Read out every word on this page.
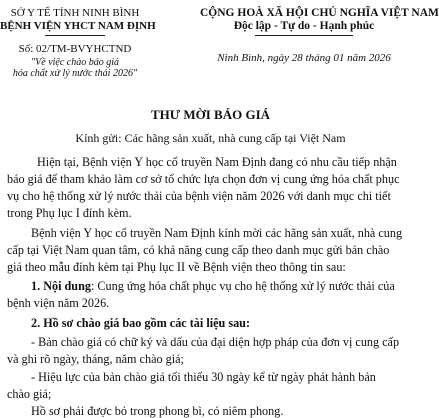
SỞ Y TẾ TỈNH NINH BÌNH
BỆNH VIỆN YHCT NAM ĐỊNH
Số: 02/TM-BVYHCTND
"Về việc chào báo giá
hóa chất xử lý nước thải 2026"
CỘNG HOÀ XÃ HỘI CHỦ NGHĨA VIỆT NAM
Độc lập - Tự do - Hạnh phúc
Ninh Bình, ngày 28 tháng 01 năm 2026
THƯ MỜI BÁO GIÁ
Kính gửi: Các hãng sản xuất, nhà cung cấp tại Việt Nam
Hiện tại, Bệnh viện Y học cổ truyền Nam Định đang có nhu cầu tiếp nhận
báo giá để tham khảo làm cơ sở tổ chức lựa chọn đơn vị cung ứng hóa chất phục
vụ cho hệ thống xử lý nước thải của bệnh viện năm 2026 với danh mục chi tiết
trong Phụ lục I đính kèm.
Bệnh viện Y học cổ truyền Nam Định kính mời các hãng sản xuất, nhà cung
cấp tại Việt Nam quan tâm, có khả năng cung cấp theo danh mục gửi bản chào
giá theo mẫu đính kèm tại Phụ lục II về Bệnh viện theo thông tin sau:
1. Nội dung: Cung ứng hóa chất phục vụ cho hệ thống xử lý nước thải của
bệnh viện năm 2026.
2. Hồ sơ chào giá bao gồm các tài liệu sau:
- Bản chào giá có chữ ký và dấu của đại diện hợp pháp của đơn vị cung cấp
và ghi rõ ngày, tháng, năm chào giá;
- Hiệu lực của bản chào giá tối thiểu 30 ngày kể từ ngày phát hành bản
chào giá;
Hồ sơ phải được bỏ trong phong bì, có niêm phong.
